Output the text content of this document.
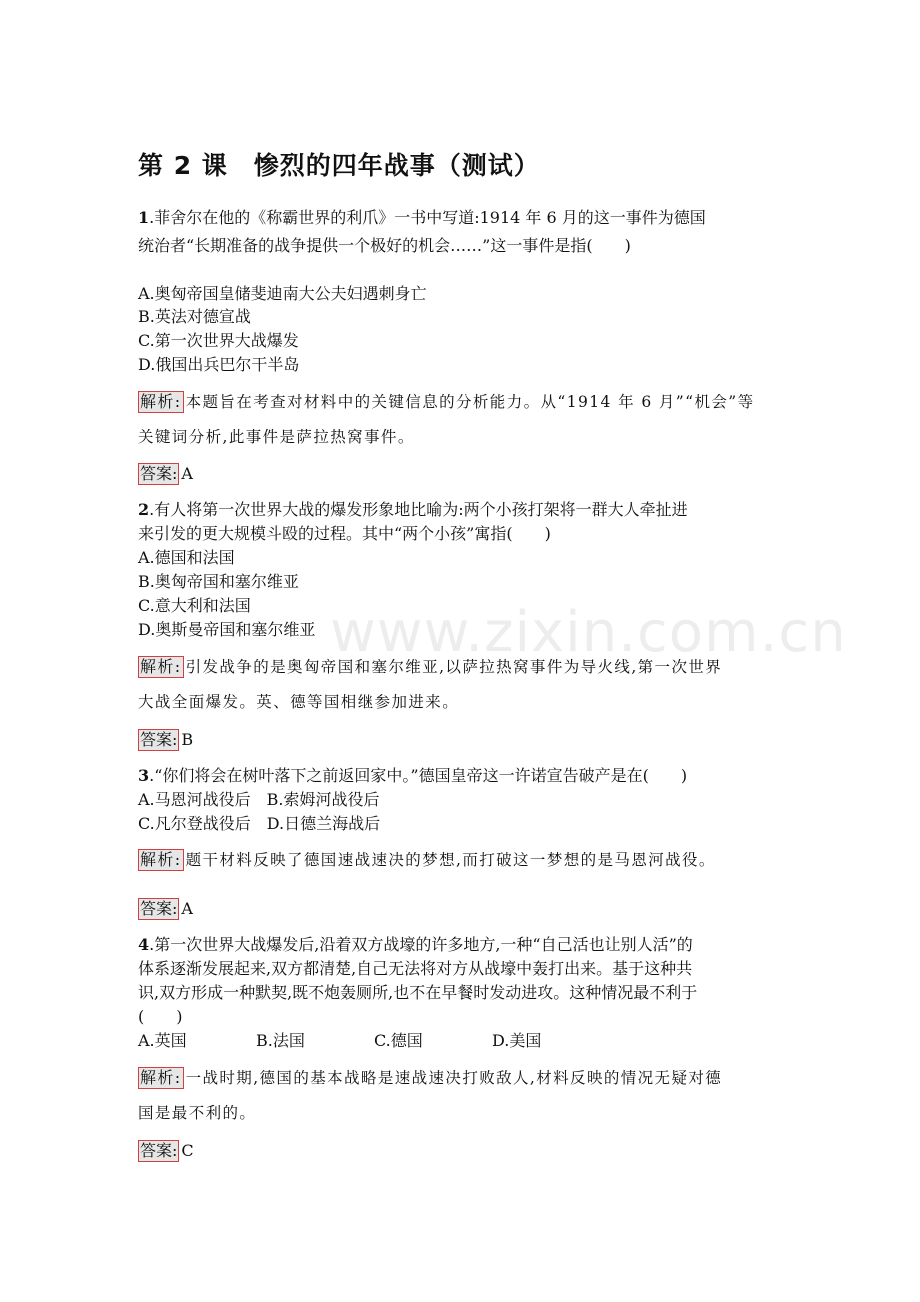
www.zixin.com.cn
第 2 课　惨烈的四年战事（测试）
1.菲舍尔在他的《称霸世界的利爪》一书中写道:1914 年 6 月的这一事件为德国
统治者“长期准备的战争提供一个极好的机会……”这一事件是指(　　)
A.奥匈帝国皇储斐迪南大公夫妇遇刺身亡
B.英法对德宣战
C.第一次世界大战爆发
D.俄国出兵巴尔干半岛
解析: 本题旨在考查对材料中的关键信息的分析能力。从“1914 年 6 月”“机会”等
关键词分析,此事件是萨拉热窝事件。
答案: A
2.有人将第一次世界大战的爆发形象地比喻为:两个小孩打架将一群大人牵扯进
来引发的更大规模斗殴的过程。其中“两个小孩”寓指(　　)
A.德国和法国
B.奥匈帝国和塞尔维亚
C.意大利和法国
D.奥斯曼帝国和塞尔维亚
解析: 引发战争的是奥匈帝国和塞尔维亚,以萨拉热窝事件为导火线,第一次世界
大战全面爆发。英、德等国相继参加进来。
答案: B
3.“你们将会在树叶落下之前返回家中。”德国皇帝这一许诺宣告破产是在(　　)
A.马恩河战役后　B.索姆河战役后
C.凡尔登战役后　D.日德兰海战后
解析: 题干材料反映了德国速战速决的梦想,而打破这一梦想的是马恩河战役。
答案: A
4.第一次世界大战爆发后,沿着双方战壕的许多地方,一种“自己活也让别人活”的
体系逐渐发展起来,双方都清楚,自己无法将对方从战壕中轰打出来。基于这种共
识,双方形成一种默契,既不炮轰厕所,也不在早餐时发动进攻。这种情况最不利于
(　　)
A.英国	B.法国	C.德国	D.美国
解析: 一战时期,德国的基本战略是速战速决打败敌人,材料反映的情况无疑对德
国是最不利的。
答案: C
